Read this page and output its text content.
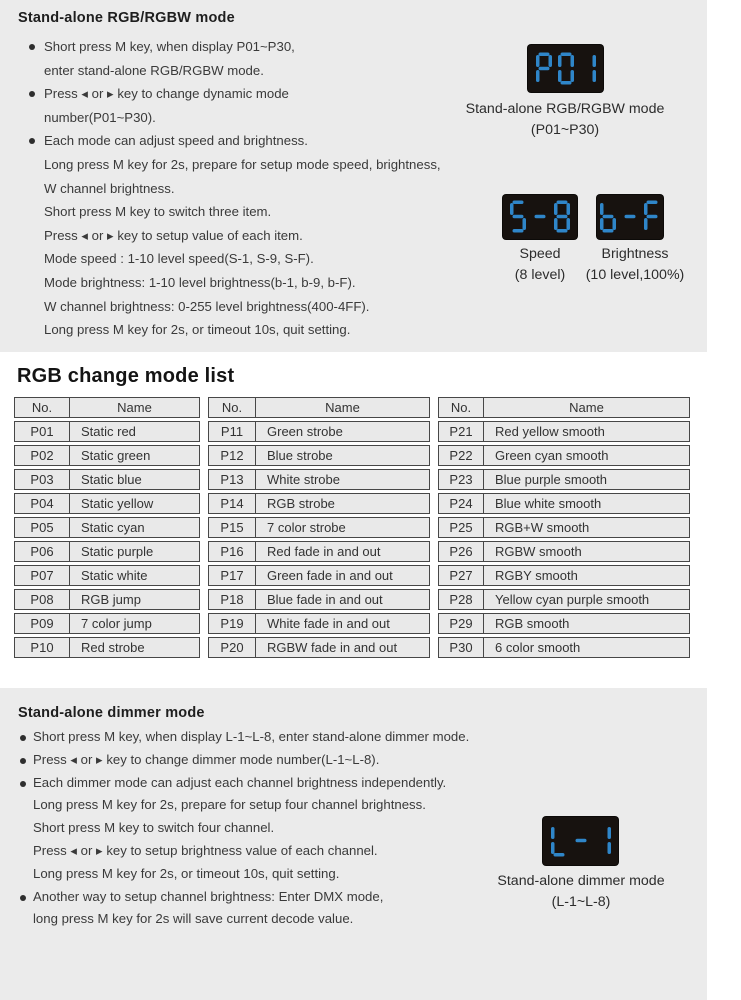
Stand-alone RGB/RGBW mode
Short press M key, when display P01~P30,
enter stand-alone RGB/RGBW mode.
Press ◂ or ▸ key to change dynamic mode
number(P01~P30).
Each mode can adjust speed and brightness.
Long press M key for 2s, prepare for setup mode speed, brightness,
W channel brightness.
Short press M key to switch three item.
Press ◂ or ▸ key to setup value of each item.
Mode speed : 1-10 level speed(S-1, S-9, S-F).
Mode brightness: 1-10 level brightness(b-1, b-9, b-F).
W channel brightness: 0-255 level brightness(400-4FF).
Long press M key for 2s, or timeout 10s, quit setting.
Stand-alone RGB/RGBW mode
(P01~P30)
Speed
(8 level)
Brightness
(10 level,100%)
RGB change mode list
No.	Name
P01	Static red
P02	Static green
P03	Static blue
P04	Static yellow
P05	Static cyan
P06	Static purple
P07	Static white
P08	RGB jump
P09	7 color jump
P10	Red strobe
No.	Name
P11	Green strobe
P12	Blue strobe
P13	White strobe
P14	RGB strobe
P15	7 color strobe
P16	Red fade in and out
P17	Green fade in and out
P18	Blue fade in and out
P19	White fade in and out
P20	RGBW fade in and out
No.	Name
P21	Red yellow smooth
P22	Green cyan smooth
P23	Blue purple smooth
P24	Blue white smooth
P25	RGB+W smooth
P26	RGBW smooth
P27	RGBY smooth
P28	Yellow cyan purple smooth
P29	RGB smooth
P30	6 color smooth
Stand-alone dimmer mode
Short press M key, when display L-1~L-8, enter stand-alone dimmer mode.
Press ◂ or ▸ key to change dimmer mode number(L-1~L-8).
Each dimmer mode can adjust each channel brightness independently.
Long press M key for 2s, prepare for setup four channel brightness.
Short press M key to switch four channel.
Press ◂ or ▸ key to setup brightness value of each channel.
Long press M key for 2s, or timeout 10s, quit setting.
Another way to setup channel brightness: Enter DMX mode,
long press M key for 2s will save current decode value.
Stand-alone dimmer mode
(L-1~L-8)
